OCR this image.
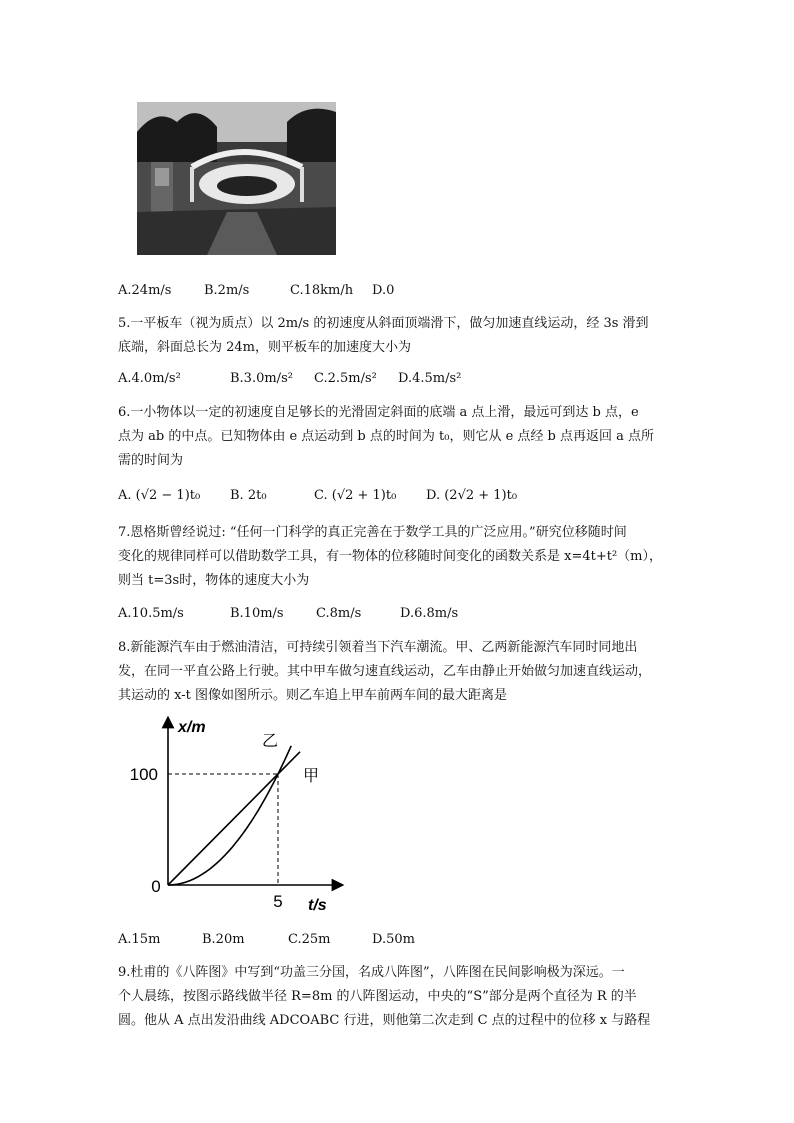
A.24m/s	B.2m/s	C.18km/h D.0
5.一平板车（视为质点）以 2m/s 的初速度从斜面顶端滑下，做匀加速直线运动，经 3s 滑到
底端，斜面总长为 24m，则平板车的加速度大小为
A.4.0m/s²	B.3.0m/s² C.2.5m/s² D.4.5m/s²
6.一小物体以一定的初速度自足够长的光滑固定斜面的底端 a 点上滑，最远可到达 b 点，e
点为 ab 的中点。已知物体由 e 点运动到 b 点的时间为 t₀，则它从 e 点经 b 点再返回 a 点所
需的时间为
A. (√2 − 1)t₀ B. 2t₀	C. (√2 + 1)t₀ D. (2√2 + 1)t₀
7.恩格斯曾经说过: “任何一门科学的真正完善在于数学工具的广泛应用。”研究位移随时间
变化的规律同样可以借助数学工具，有一物体的位移随时间变化的函数关系是 x=4t+t²（m），
则当 t=3s时，物体的速度大小为
A.10.5m/s	B.10m/s C.8m/s	D.6.8m/s
8.新能源汽车由于燃油清洁，可持续引领着当下汽车潮流。甲、乙两新能源汽车同时同地出
发，在同一平直公路上行驶。其中甲车做匀速直线运动，乙车由静止开始做匀加速直线运动，
其运动的 x-t 图像如图所示。则乙车追上甲车前两车间的最大距离是
x/m
t/s
0
5
100
乙
甲
A.15m	B.20m	C.25m	D.50m
9.杜甫的《八阵图》中写到“功盖三分国，名成八阵图”，八阵图在民间影响极为深远。一
个人晨练，按图示路线做半径 R=8m 的八阵图运动，中央的“S”部分是两个直径为 R 的半
圆。他从 A 点出发沿曲线 ADCOABC 行进，则他第二次走到 C 点的过程中的位移 x 与路程
